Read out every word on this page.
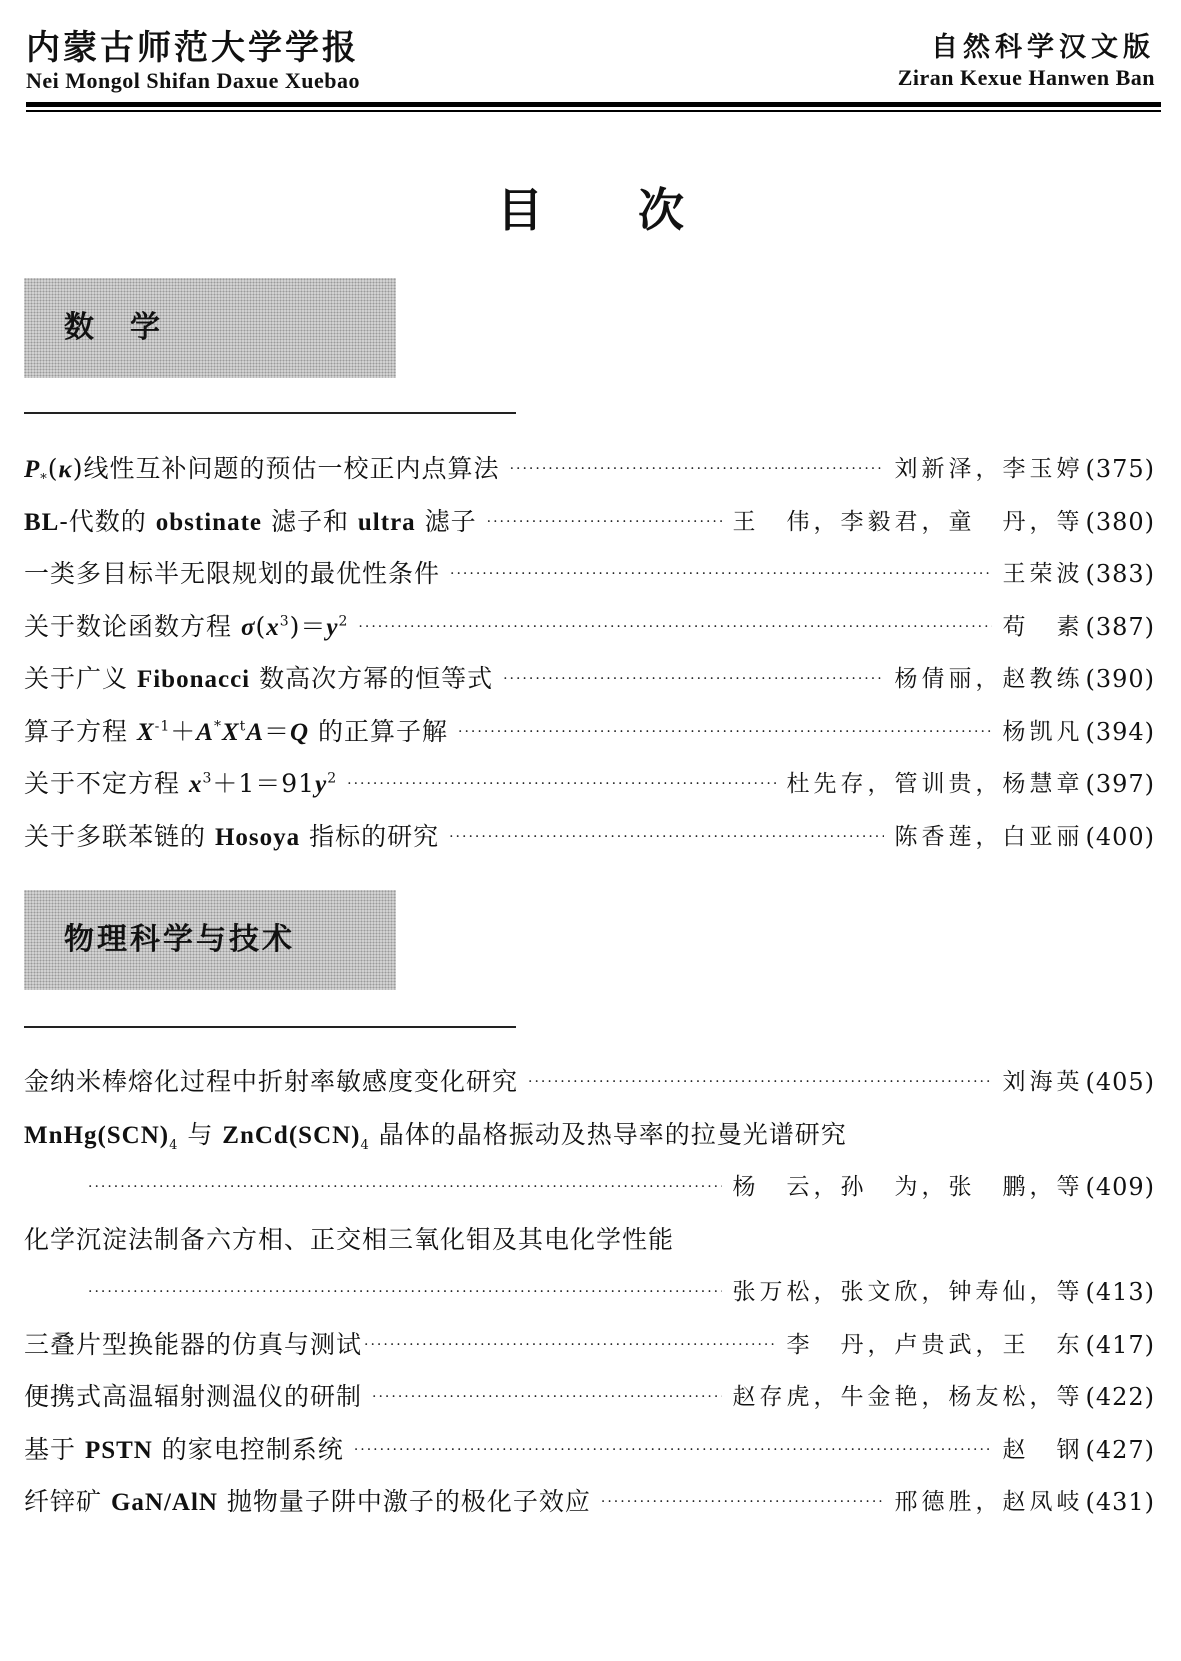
内蒙古师范大学学报
Nei Mongol Shifan Daxue Xuebao
自然科学汉文版
Ziran Kexue Hanwen Ban
目次
数学
$P_*(\kappa)$线性互补问题的预估一校正内点算法 ·····	刘新泽，李玉婷 (375)
BL-代数的 obstinate 滤子和 ultra 滤子 ·····	王　伟，李毅君，童　丹，等 (380)
一类多目标半无限规划的最优性条件 ·····	王荣波 (383)
关于数论函数方程 $\sigma(x^3)=y^2$ ·····	苟　素 (387)
关于广义 Fibonacci 数高次方幂的恒等式 ·····	杨倩丽，赵教练 (390)
算子方程 $X^{-1}+A^*X^tA=Q$ 的正算子解 ·····	杨凯凡 (394)
关于不定方程 $x^3+1=91y^2$ ·····	杜先存，管训贵，杨慧章 (397)
关于多联苯链的 Hosoya 指标的研究 ·····	陈香莲，白亚丽 (400)
物理科学与技术
金纳米棒熔化过程中折射率敏感度变化研究 ·····	刘海英 (405)
$MnHg(SCN)_4$ 与 $ZnCd(SCN)_4$ 晶体的晶格振动及热导率的拉曼光谱研究
·····
杨　云，孙　为，张　鹏，等 (409)
化学沉淀法制备六方相、正交相三氧化钼及其电化学性能
·····
张万松，张文欣，钟寿仙，等 (413)
三叠片型换能器的仿真与测试 ·····	李　丹，卢贵武，王　东 (417)
便携式高温辐射测温仪的研制 ·····	赵存虎，牛金艳，杨友松，等 (422)
基于 PSTN 的家电控制系统 ·····	赵　钢 (427)
纤锌矿 GaN/AlN 抛物量子阱中激子的极化子效应 ·····	邢德胜，赵凤岐 (431)
